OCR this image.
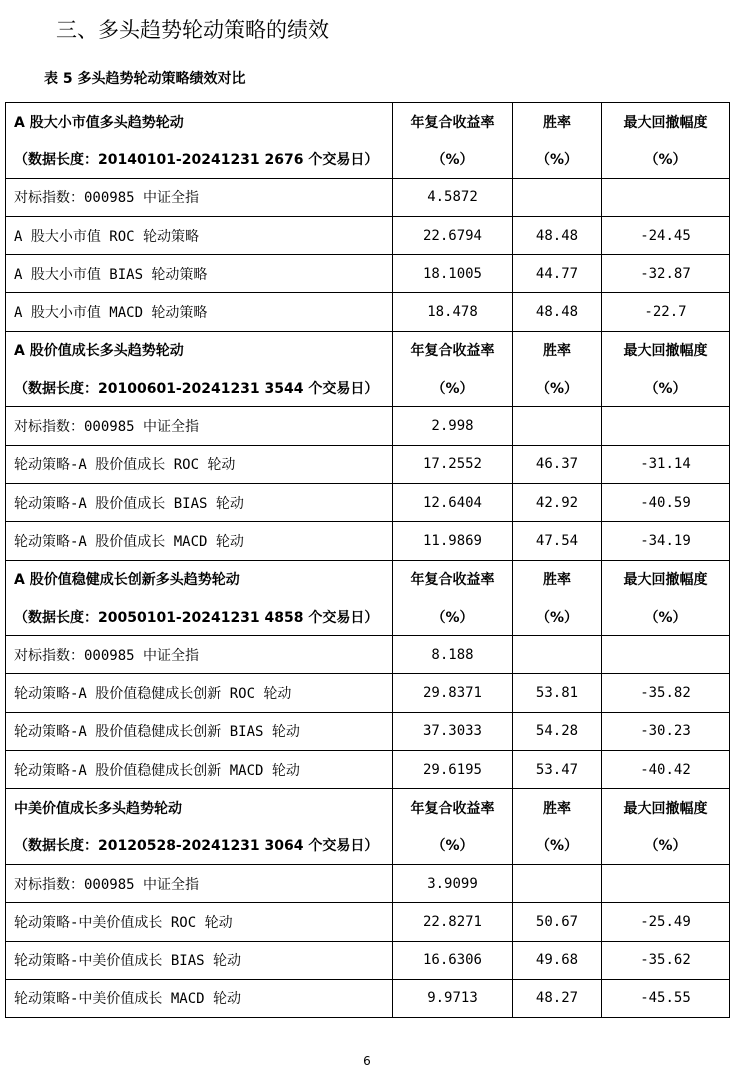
三、多头趋势轮动策略的绩效
表 5 多头趋势轮动策略绩效对比
A 股大小市值多头趋势轮动	年复合收益率	胜率	最大回撤幅度
（数据长度：20140101-20241231 2676 个交易日）	（%）	（%）	（%）
对标指数：000985 中证全指	4.5872		
A 股大小市值 ROC 轮动策略	22.6794	48.48	-24.45
A 股大小市值 BIAS 轮动策略	18.1005	44.77	-32.87
A 股大小市值 MACD 轮动策略	18.478	48.48	-22.7
A 股价值成长多头趋势轮动	年复合收益率	胜率	最大回撤幅度
（数据长度：20100601-20241231 3544 个交易日）	（%）	（%）	（%）
对标指数：000985 中证全指	2.998		
轮动策略-A 股价值成长 ROC 轮动	17.2552	46.37	-31.14
轮动策略-A 股价值成长 BIAS 轮动	12.6404	42.92	-40.59
轮动策略-A 股价值成长 MACD 轮动	11.9869	47.54	-34.19
A 股价值稳健成长创新多头趋势轮动	年复合收益率	胜率	最大回撤幅度
（数据长度：20050101-20241231 4858 个交易日）	（%）	（%）	（%）
对标指数：000985 中证全指	8.188		
轮动策略-A 股价值稳健成长创新 ROC 轮动	29.8371	53.81	-35.82
轮动策略-A 股价值稳健成长创新 BIAS 轮动	37.3033	54.28	-30.23
轮动策略-A 股价值稳健成长创新 MACD 轮动	29.6195	53.47	-40.42
中美价值成长多头趋势轮动	年复合收益率	胜率	最大回撤幅度
（数据长度：20120528-20241231 3064 个交易日）	（%）	（%）	（%）
对标指数：000985 中证全指	3.9099		
轮动策略-中美价值成长 ROC 轮动	22.8271	50.67	-25.49
轮动策略-中美价值成长 BIAS 轮动	16.6306	49.68	-35.62
轮动策略-中美价值成长 MACD 轮动	9.9713	48.27	-45.55
6
